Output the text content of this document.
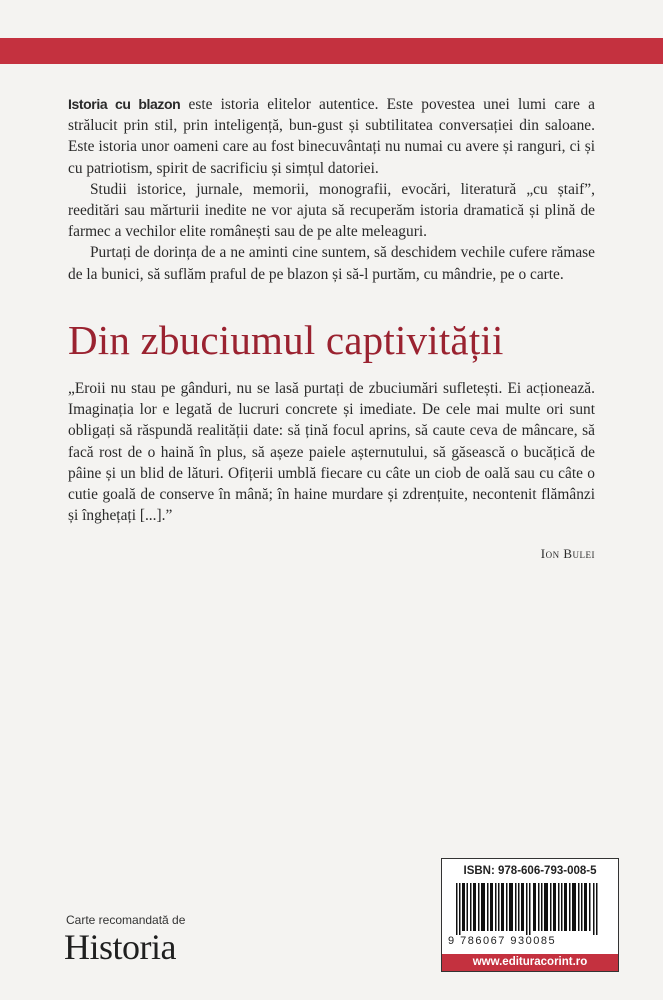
Istoria cu blazon este istoria elitelor autentice. Este povestea unei lumi care a strălucit prin stil, prin inteligență, bun-gust și subtilitatea conversației din saloane. Este istoria unor oameni care au fost binecuvântați nu numai cu avere și ranguri, ci și cu patriotism, spirit de sacrificiu și simțul datoriei.

Studii istorice, jurnale, memorii, monografii, evocări, literatură „cu ștaif”, reeditări sau mărturii inedite ne vor ajuta să recuperăm istoria dramatică și plină de farmec a vechilor elite românești sau de pe alte meleaguri.

Purtați de dorința de a ne aminti cine suntem, să deschidem vechile cufere rămase de la bunici, să suflăm praful de pe blazon și să-l purtăm, cu mândrie, pe o carte.

Din zbuciumul captivității

„Eroii nu stau pe gânduri, nu se lasă purtați de zbuciumări sufletești. Ei acționează. Imaginația lor e legată de lucruri concrete și imediate. De cele mai multe ori sunt obligați să răspundă realității date: să țină focul aprins, să caute ceva de mâncare, să facă rost de o haină în plus, să așeze paiele așternutului, să găsească o bucățică de pâine și un blid de lături. Ofițerii umblă fiecare cu câte un ciob de oală sau cu câte o cutie goală de conserve în mână; în haine murdare și zdrențuite, necontenit flămânzi și înghețați [...].”

Ion Bulei
Carte recomandată de
Historia
ISBN: 978-606-793-008-5
9 786067 930085
www.edituracorint.ro
